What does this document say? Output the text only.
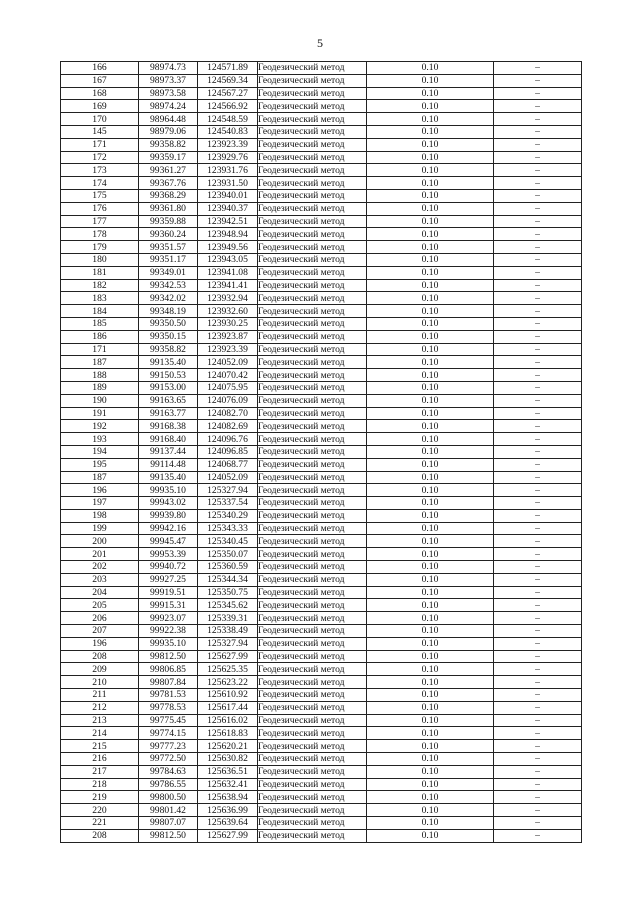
5
166	98974.73	124571.89	Геодезический метод	0.10	–
167	98973.37	124569.34	Геодезический метод	0.10	–
168	98973.58	124567.27	Геодезический метод	0.10	–
169	98974.24	124566.92	Геодезический метод	0.10	–
170	98964.48	124548.59	Геодезический метод	0.10	–
145	98979.06	124540.83	Геодезический метод	0.10	–
171	99358.82	123923.39	Геодезический метод	0.10	–
172	99359.17	123929.76	Геодезический метод	0.10	–
173	99361.27	123931.76	Геодезический метод	0.10	–
174	99367.76	123931.50	Геодезический метод	0.10	–
175	99368.29	123940.01	Геодезический метод	0.10	–
176	99361.80	123940.37	Геодезический метод	0.10	–
177	99359.88	123942.51	Геодезический метод	0.10	–
178	99360.24	123948.94	Геодезический метод	0.10	–
179	99351.57	123949.56	Геодезический метод	0.10	–
180	99351.17	123943.05	Геодезический метод	0.10	–
181	99349.01	123941.08	Геодезический метод	0.10	–
182	99342.53	123941.41	Геодезический метод	0.10	–
183	99342.02	123932.94	Геодезический метод	0.10	–
184	99348.19	123932.60	Геодезический метод	0.10	–
185	99350.50	123930.25	Геодезический метод	0.10	–
186	99350.15	123923.87	Геодезический метод	0.10	–
171	99358.82	123923.39	Геодезический метод	0.10	–
187	99135.40	124052.09	Геодезический метод	0.10	–
188	99150.53	124070.42	Геодезический метод	0.10	–
189	99153.00	124075.95	Геодезический метод	0.10	–
190	99163.65	124076.09	Геодезический метод	0.10	–
191	99163.77	124082.70	Геодезический метод	0.10	–
192	99168.38	124082.69	Геодезический метод	0.10	–
193	99168.40	124096.76	Геодезический метод	0.10	–
194	99137.44	124096.85	Геодезический метод	0.10	–
195	99114.48	124068.77	Геодезический метод	0.10	–
187	99135.40	124052.09	Геодезический метод	0.10	–
196	99935.10	125327.94	Геодезический метод	0.10	–
197	99943.02	125337.54	Геодезический метод	0.10	–
198	99939.80	125340.29	Геодезический метод	0.10	–
199	99942.16	125343.33	Геодезический метод	0.10	–
200	99945.47	125340.45	Геодезический метод	0.10	–
201	99953.39	125350.07	Геодезический метод	0.10	–
202	99940.72	125360.59	Геодезический метод	0.10	–
203	99927.25	125344.34	Геодезический метод	0.10	–
204	99919.51	125350.75	Геодезический метод	0.10	–
205	99915.31	125345.62	Геодезический метод	0.10	–
206	99923.07	125339.31	Геодезический метод	0.10	–
207	99922.38	125338.49	Геодезический метод	0.10	–
196	99935.10	125327.94	Геодезический метод	0.10	–
208	99812.50	125627.99	Геодезический метод	0.10	–
209	99806.85	125625.35	Геодезический метод	0.10	–
210	99807.84	125623.22	Геодезический метод	0.10	–
211	99781.53	125610.92	Геодезический метод	0.10	–
212	99778.53	125617.44	Геодезический метод	0.10	–
213	99775.45	125616.02	Геодезический метод	0.10	–
214	99774.15	125618.83	Геодезический метод	0.10	–
215	99777.23	125620.21	Геодезический метод	0.10	–
216	99772.50	125630.82	Геодезический метод	0.10	–
217	99784.63	125636.51	Геодезический метод	0.10	–
218	99786.55	125632.41	Геодезический метод	0.10	–
219	99800.50	125638.94	Геодезический метод	0.10	–
220	99801.42	125636.99	Геодезический метод	0.10	–
221	99807.07	125639.64	Геодезический метод	0.10	–
208	99812.50	125627.99	Геодезический метод	0.10	–
